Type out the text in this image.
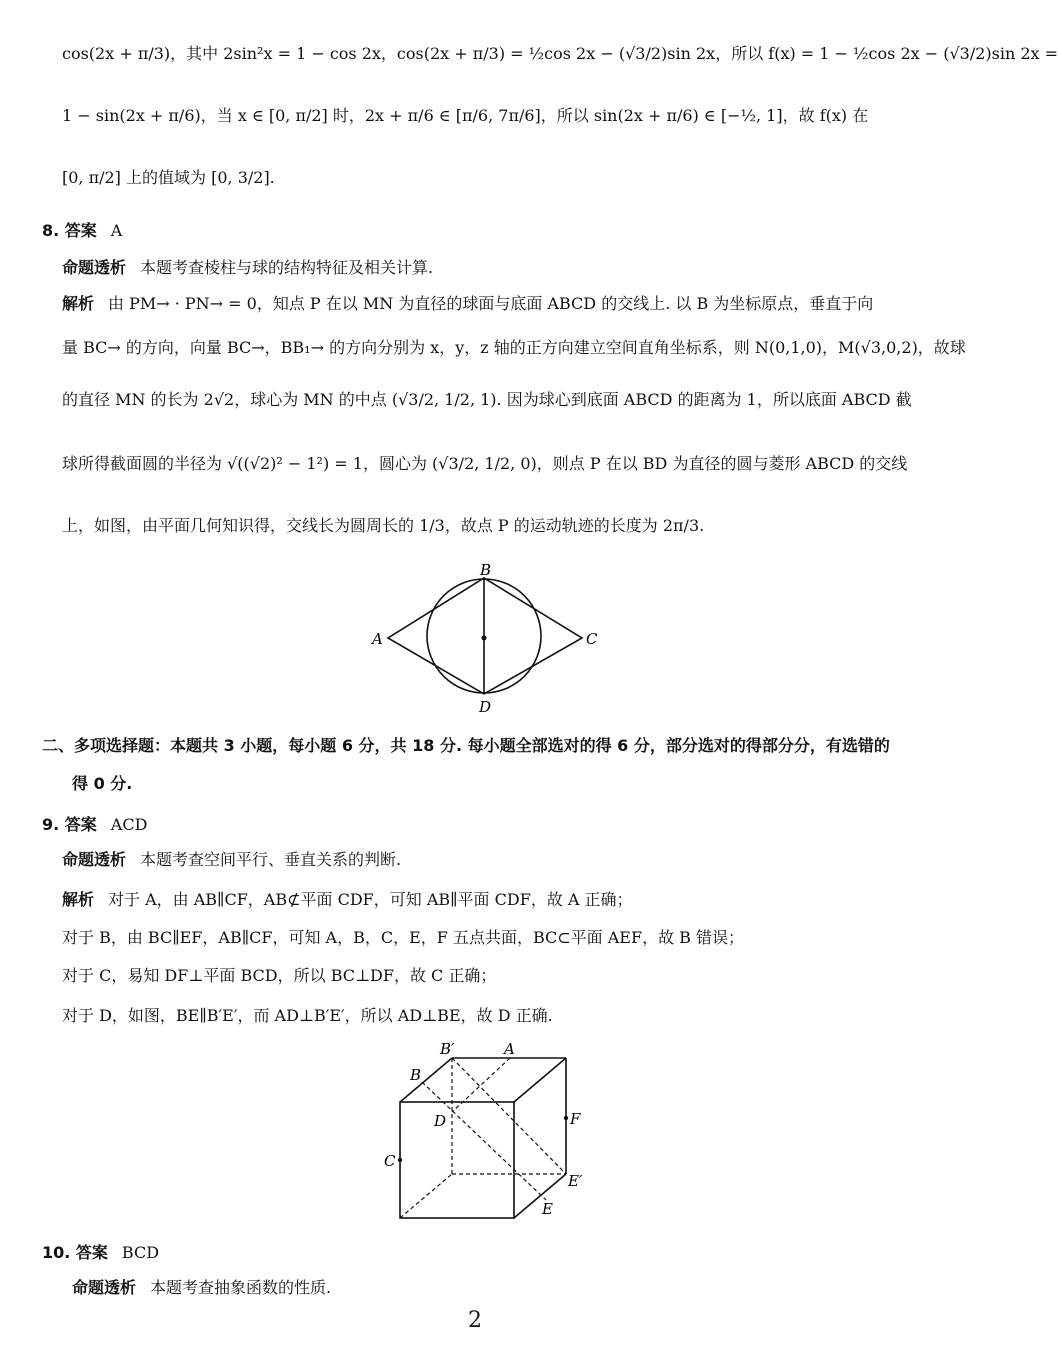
cos(2x + π/3)，其中 2sin²x = 1 − cos 2x，cos(2x + π/3) = ½cos 2x − (√3/2)sin 2x，所以 f(x) = 1 − ½cos 2x − (√3/2)sin 2x =
1 − sin(2x + π/6)，当 x ∈ [0, π/2] 时，2x + π/6 ∈ [π/6, 7π/6]，所以 sin(2x + π/6) ∈ [−½, 1]，故 f(x) 在
[0, π/2] 上的值域为 [0, 3/2].
8. 答案 A
命题透析 本题考查棱柱与球的结构特征及相关计算.
解析 由 PM→ · PN→ = 0，知点 P 在以 MN 为直径的球面与底面 ABCD 的交线上. 以 B 为坐标原点，垂直于向
量 BC→ 的方向，向量 BC→，BB₁→ 的方向分别为 x，y，z 轴的正方向建立空间直角坐标系，则 N(0,1,0)，M(√3,0,2)，故球
的直径 MN 的长为 2√2，球心为 MN 的中点 (√3/2, 1/2, 1). 因为球心到底面 ABCD 的距离为 1，所以底面 ABCD 截
球所得截面圆的半径为 √((√2)² − 1²) = 1，圆心为 (√3/2, 1/2, 0)，则点 P 在以 BD 为直径的圆与菱形 ABCD 的交线
上，如图，由平面几何知识得，交线长为圆周长的 1/3，故点 P 的运动轨迹的长度为 2π/3.
B
A	C
D
二、多项选择题：本题共 3 小题，每小题 6 分，共 18 分. 每小题全部选对的得 6 分，部分选对的得部分分，有选错的
得 0 分.
9. 答案 ACD
命题透析 本题考查空间平行、垂直关系的判断.
解析 对于 A，由 AB∥CF，AB⊄平面 CDF，可知 AB∥平面 CDF，故 A 正确；
对于 B，由 BC∥EF，AB∥CF，可知 A，B，C，E，F 五点共面，BC⊂平面 AEF，故 B 错误；
对于 C，易知 DF⊥平面 BCD，所以 BC⊥DF，故 C 正确；
对于 D，如图，BE∥B′E′，而 AD⊥B′E′，所以 AD⊥BE，故 D 正确.
B′	A
B
D
C
F
E′
E
10. 答案 BCD
命题透析 本题考查抽象函数的性质.
2
